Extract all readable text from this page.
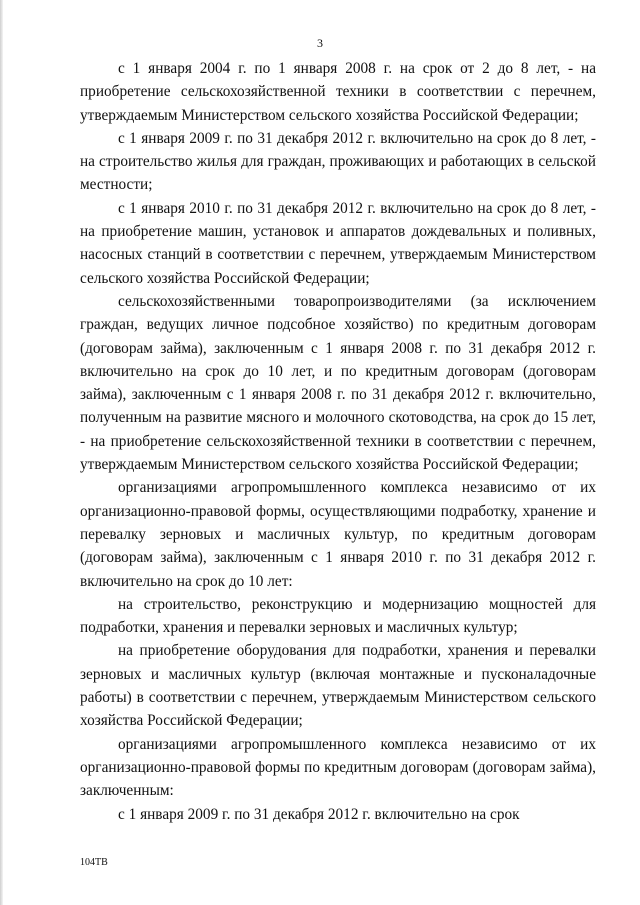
3

с 1 января 2004 г. по 1 января 2008 г. на срок от 2 до 8 лет, - на приобретение сельскохозяйственной техники в соответствии с перечнем, утверждаемым Министерством сельского хозяйства Российской Федерации;

с 1 января 2009 г. по 31 декабря 2012 г. включительно на срок до 8 лет, - на строительство жилья для граждан, проживающих и работающих в сельской местности;

с 1 января 2010 г. по 31 декабря 2012 г. включительно на срок до 8 лет, - на приобретение машин, установок и аппаратов дождевальных и поливных, насосных станций в соответствии с перечнем, утверждаемым Министерством сельского хозяйства Российской Федерации;

сельскохозяйственными товаропроизводителями (за исключением граждан, ведущих личное подсобное хозяйство) по кредитным договорам (договорам займа), заключенным с 1 января 2008 г. по 31 декабря 2012 г. включительно на срок до 10 лет, и по кредитным договорам (договорам займа), заключенным с 1 января 2008 г. по 31 декабря 2012 г. включительно, полученным на развитие мясного и молочного скотоводства, на срок до 15 лет, - на приобретение сельскохозяйственной техники в соответствии с перечнем, утверждаемым Министерством сельского хозяйства Российской Федерации;

организациями агропромышленного комплекса независимо от их организационно-правовой формы, осуществляющими подработку, хранение и перевалку зерновых и масличных культур, по кредитным договорам (договорам займа), заключенным с 1 января 2010 г. по 31 декабря 2012 г. включительно на срок до 10 лет:

на строительство, реконструкцию и модернизацию мощностей для подработки, хранения и перевалки зерновых и масличных культур;

на приобретение оборудования для подработки, хранения и перевалки зерновых и масличных культур (включая монтажные и пусконаладочные работы) в соответствии с перечнем, утверждаемым Министерством сельского хозяйства Российской Федерации;

организациями агропромышленного комплекса независимо от их организационно-правовой формы по кредитным договорам (договорам займа), заключенным:

с 1 января 2009 г. по 31 декабря 2012 г. включительно на срок

104ТВ
